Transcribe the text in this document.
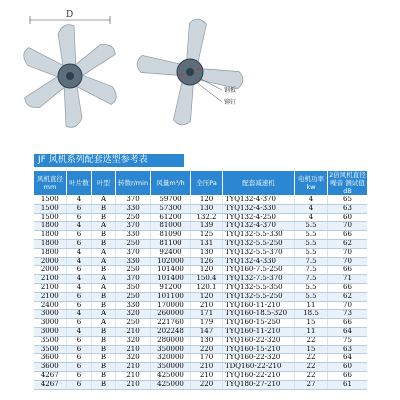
D
钢板
铆钉
JF 风机系列配套选型参考表
风机直径 mm	叶片数	叶型	转数r/min	风量m³/h	全压Pa	配套减速机	电机功率 kw	2倍风机直径噪音 测试值dB
1500	4	A	370	59700	120	TYQ132-4-370	4	65
1500	6	B	330	57300	130	TYQ132-4-330	4	63
1500	6	B	250	61200	132.2	TYQ132-4-250	4	60
1800	4	A	370	81000	139	TYQ132-4-370	5.5	70
1800	6	B	330	81090	125	TYQ132-5.5-330	5.5	66
1800	6	B	250	81100	131	TYQ132-5.5-250	5.5	62
1800	4	A	370	92400	130	TYQ132-5.5-370	5.5	70
2000	4	A	330	102000	126	TYQ132-4-330	7.5	70
2000	6	B	250	101400	120	TYQ160-7.5-250	7.5	66
2100	4	A	370	101400	150.4	TYQ132-7.5-370	7.5	71
2100	4	A	350	91200	120.1	TYQ132-5.5-350	5.5	66
2100	6	B	250	101100	120	TYQ132-5.5-250	5.5	62
2400	6	B	330	170000	210	TYQ160-11-210	11	70
3000	4	A	320	260000	171	TYQ160-18.5-320	18.5	73
3000	6	A	250	221760	179	TYQ160-15-250	15	66
3000	4	B	210	202248	147	TYQ160-11-210	11	64
3500	6	B	320	280000	130	TYQ160-22-320	22	75
3500	6	B	210	350000	220	TYQ160-15-210	15	63
3600	6	B	320	320000	170	TYQ160-22-320	22	64
3600	6	B	210	350000	210	TDQ160-22-210	22	60
4267	6	B	210	425000	210	TYQ160-22-210	22	66
4267	6	B	210	425000	220	TYQ180-27-210	27	61
